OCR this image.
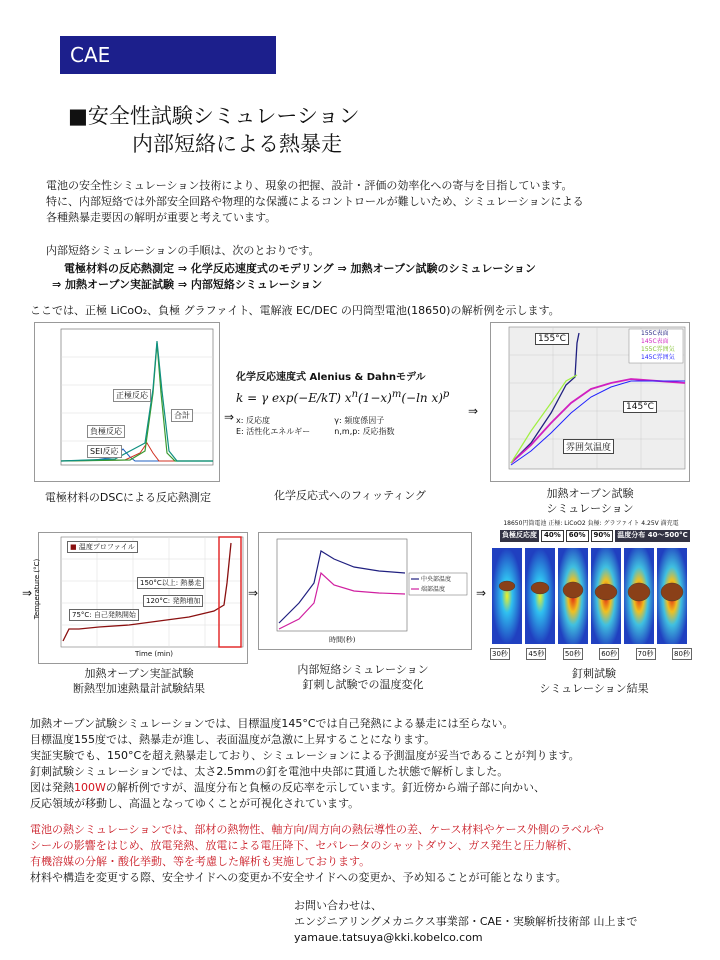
CAE
■安全性試験シミュレーション
内部短絡による熱暴走
電池の安全性シミュレーション技術により、現象の把握、設計・評価の効率化への寄与を目指しています。
特に、内部短絡では外部安全回路や物理的な保護によるコントロールが難しいため、シミュレーションによる
各種熱暴走要因の解明が重要と考えています。
内部短絡シミュレーションの手順は、次のとおりです。
電極材料の反応熱測定 ⇒ 化学反応速度式のモデリング ⇒ 加熱オーブン試験のシミュレーション
⇒ 加熱オーブン実証試験 ⇒ 内部短絡シミュレーション
ここでは、正極 LiCoO₂、負極 グラファイト、電解液 EC/DEC の円筒型電池(18650)の解析例を示します。
正極反応
負極反応
SEI反応
合計
電極材料のDSCによる反応熱測定
⇒
化学反応速度式 Alenius & Dahnモデル
k = γ exp(−E/kT) $x^n(1-x)^m(-\ln$ x)$^p$
x: 反応度
E: 活性化エネルギー
γ: 頻度係因子
n,m,p: 反応指数
化学反応式へのフィッティング
⇒
155C表面
145C表面
155C雰囲気
145C雰囲気
155°C
145°C
雰囲気温度
加熱オーブン試験
シミュレーション
⇒
■ 温度プロファイル
150°C以上: 熱暴走
120°C: 発熱増加
75°C: 自己発熱開始
Time (min)
Temperature (°C)
加熱オーブン実証試験
断熱型加速熱量計試験結果
⇒
中央部温度
端部温度
時間(秒)
内部短絡シミュレーション
釘刺し試験での温度変化
⇒
18650円筒電池 正極: LiCoO2 負極: グラファイト 4.25V 満充電
負極反応度	40%	60%	90%	温度分布 40～500°C
30秒	45秒	50秒	60秒	70秒	80秒
釘刺試験
シミュレーション結果
加熱オーブン試験シミュレーションでは、目標温度145°Cでは自己発熱による暴走には至らない。
目標温度155度では、熱暴走が進し、表面温度が急激に上昇することになります。
実証実験でも、150°Cを超え熱暴走しており、シミュレーションによる予測温度が妥当であることが判ります。
釘刺試験シミュレーションでは、太さ2.5mmの釘を電池中央部に貫通した状態で解析しました。
図は発熱100Wの解析例ですが、温度分布と負極の反応率を示しています。釘近傍から端子部に向かい、
反応領域が移動し、高温となってゆくことが可視化されています。
電池の熱シミュレーションでは、部材の熱物性、軸方向/周方向の熱伝導性の差、ケース材料やケース外側のラベルや
シールの影響をはじめ、放電発熱、放電による電圧降下、セパレータのシャットダウン、ガス発生と圧力解析、
有機溶媒の分解・酸化挙動、等を考慮した解析も実施しております。
材料や構造を変更する際、安全サイドへの変更か不安全サイドへの変更か、予め知ることが可能となります。
お問い合わせは、
エンジニアリングメカニクス事業部・CAE・実験解析技術部 山上まで
yamaue.tatsuya@kki.kobelco.com
